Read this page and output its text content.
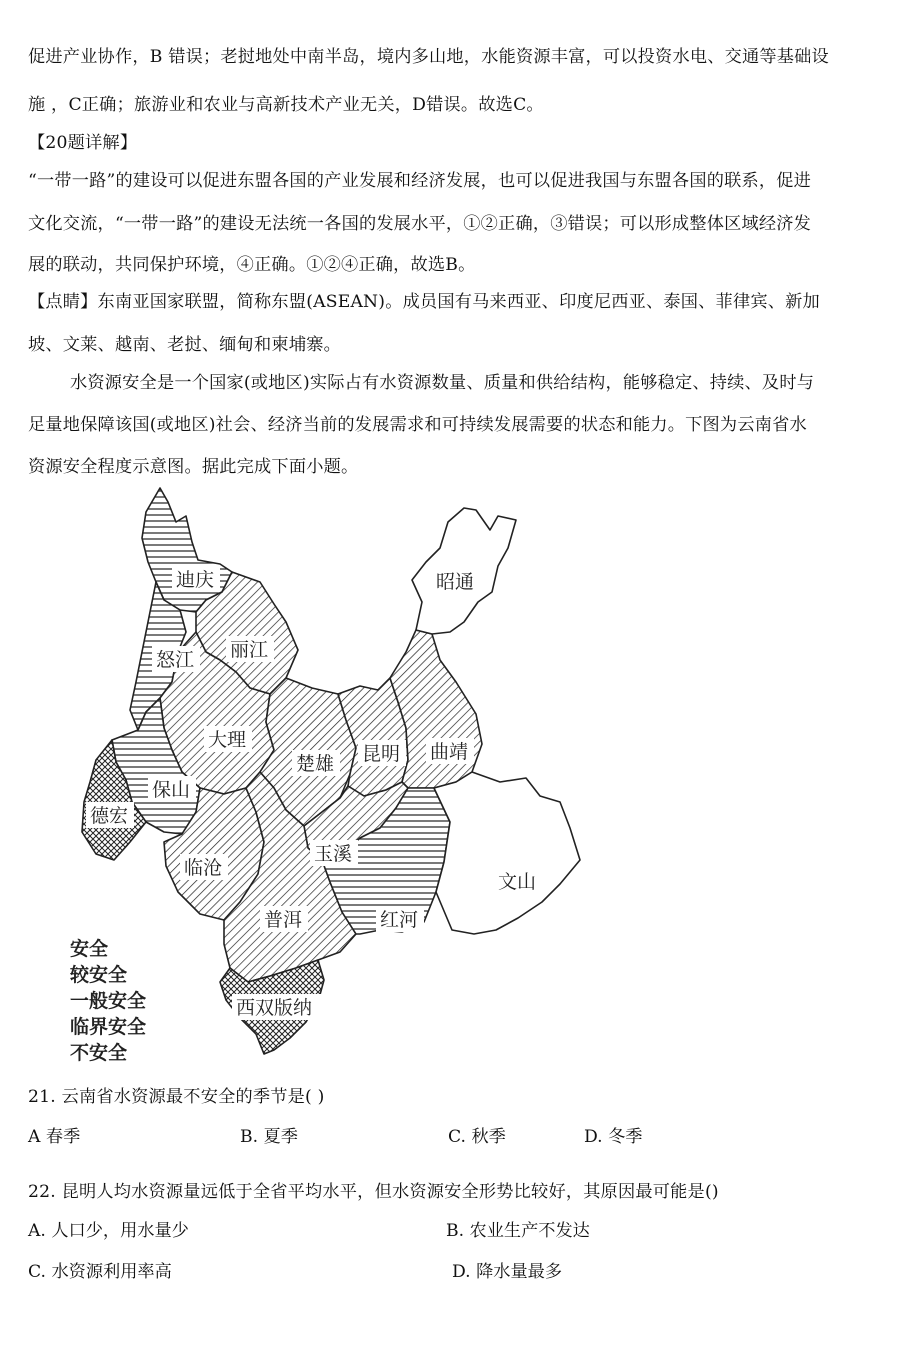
促进产业协作，B 错误；老挝地处中南半岛，境内多山地，水能资源丰富，可以投资水电、交通等基础设
施 ，C正确；旅游业和农业与高新技术产业无关，D错误。故选C。
【20题详解】
“一带一路”的建设可以促进东盟各国的产业发展和经济发展，也可以促进我国与东盟各国的联系，促进
文化交流，“一带一路”的建设无法统一各国的发展水平，①②正确，③错误；可以形成整体区域经济发
展的联动，共同保护环境，④正确。①②④正确，故选B。
【点睛】东南亚国家联盟，简称东盟(ASEAN)。成员国有马来西亚、印度尼西亚、泰国、菲律宾、新加
坡、文莱、越南、老挝、缅甸和柬埔寨。
水资源安全是一个国家(或地区)实际占有水资源数量、质量和供给结构，能够稳定、持续、及时与
足量地保障该国(或地区)社会、经济当前的发展需求和可持续发展需要的状态和能力。下图为云南省水
资源安全程度示意图。据此完成下面小题。
迪庆	昭通
怒江 丽江
大理
楚雄 昆明 曲靖
保山
德宏
临沧
玉溪
文山
普洱	红河
西双版纳
安全
较安全
一般安全
临界安全
不安全
21. 云南省水资源最不安全的季节是( )
A 春季	B. 夏季	C. 秋季	D. 冬季
22. 昆明人均水资源量远低于全省平均水平，但水资源安全形势比较好，其原因最可能是()
A. 人口少，用水量少	B. 农业生产不发达
C. 水资源利用率高	D. 降水量最多
